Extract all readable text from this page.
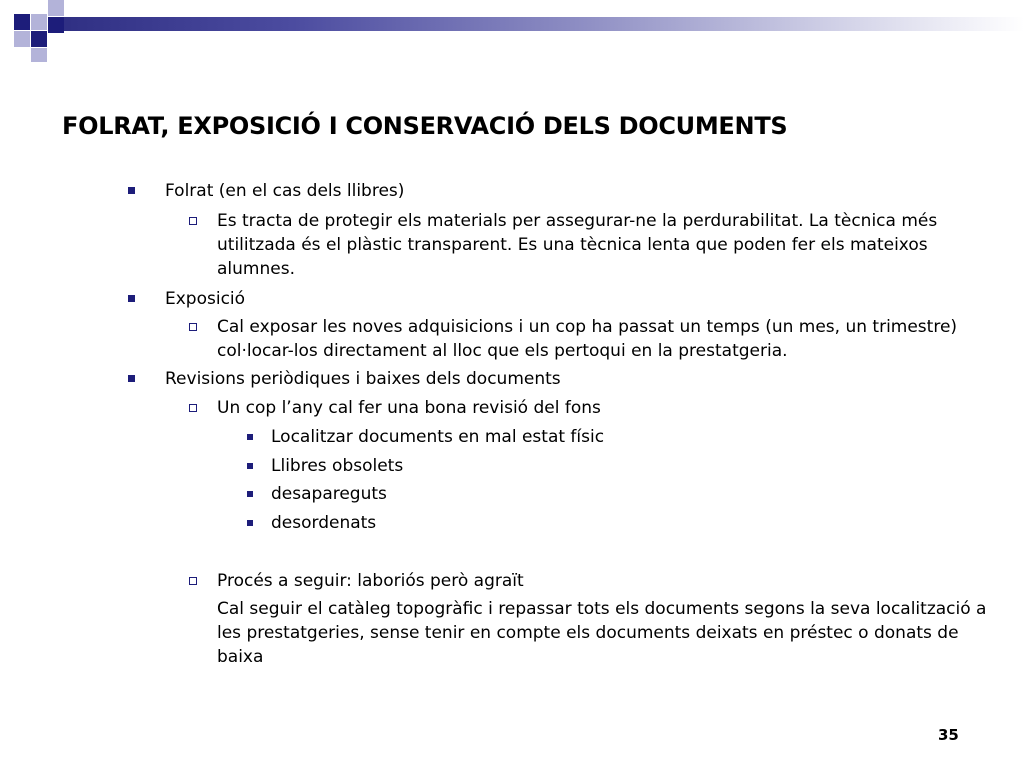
FOLRAT, EXPOSICIÓ I CONSERVACIÓ DELS DOCUMENTS
Folrat (en el cas dels llibres)
Es tracta de protegir els materials per assegurar-ne la perdurabilitat. La tècnica més utilitzada és el plàstic transparent. Es una tècnica lenta que poden fer els mateixos alumnes.
Exposició
Cal exposar les noves adquisicions i un cop ha passat un temps (un mes, un trimestre) col·locar-los directament al lloc que els pertoqui en la prestatgeria.
Revisions periòdiques i baixes dels documents
Un cop l’any cal fer una bona revisió del fons
Localitzar documents en mal estat físic
Llibres obsolets
desapareguts
desordenats
Procés a seguir: laboriós però agraït
Cal seguir el catàleg topogràfic i repassar tots els documents segons la seva localització a les prestatgeries, sense tenir en compte els documents deixats en préstec o donats de baixa
35
